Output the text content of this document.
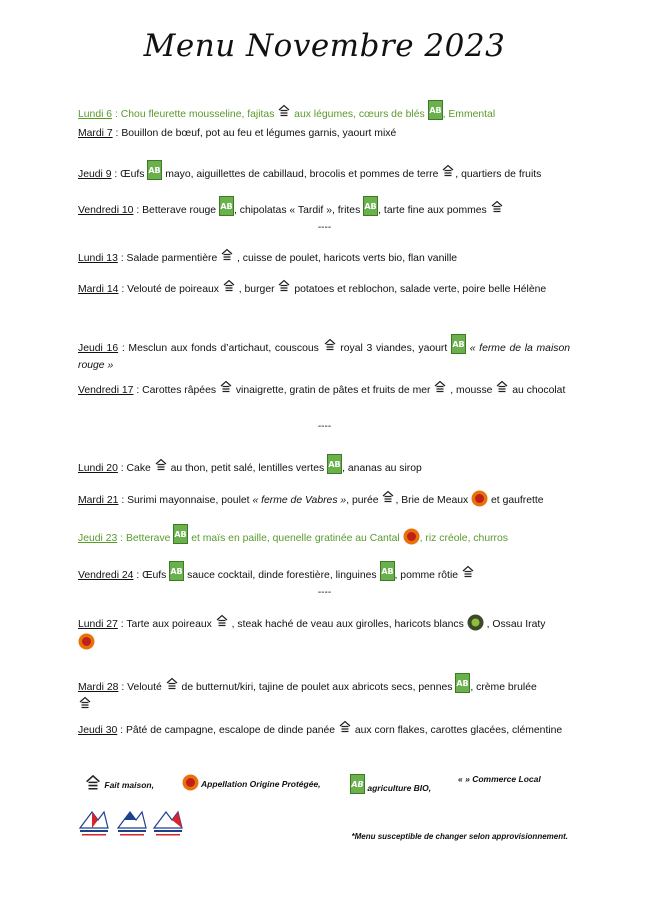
Menu Novembre 2023
Lundi 6 : Chou fleurette mousseline, fajitas  aux légumes, cœurs de blés AB , Emmental
Mardi 7 : Bouillon de bœuf, pot au feu et légumes garnis, yaourt mixé
Jeudi 9 : Œufs AB mayo, aiguillettes de cabillaud, brocolis et pommes de terre , quartiers de fruits
Vendredi 10 : Betterave rouge AB , chipolatas « Tardif », frites AB , tarte fine aux pommes
----
Lundi 13 : Salade parmentière  , cuisse de poulet, haricots verts bio, flan vanille
Mardi 14 : Velouté de poireaux  , burger  potatoes et reblochon, salade verte, poire belle Hélène
Jeudi 16 : Mesclun aux fonds d’artichaut, couscous  royal 3 viandes, yaourt AB « ferme de la maison rouge »
Vendredi 17 : Carottes râpées  vinaigrette, gratin de pâtes et fruits de mer  , mousse  au chocolat
----
Lundi 20 : Cake  au thon, petit salé, lentilles vertes AB , ananas au sirop
Mardi 21 : Surimi mayonnaise, poulet « ferme de Vabres », purée , Brie de Meaux  et gaufrette
Jeudi 23 : Betterave AB et maïs en paille, quenelle gratinée au Cantal , riz créole, churros
Vendredi 24 : Œufs AB sauce cocktail, dinde forestière, linguines AB , pomme rôtie
----
Lundi 27 : Tarte aux poireaux  , steak haché de veau aux girolles, haricots blancs  , Ossau Iraty

Mardi 28 : Velouté  de butternut/kiri, tajine de poulet aux abricots secs, pennes AB , crème brulée

Jeudi 30 : Pâté de campagne, escalope de dinde panée  aux corn flakes, carottes glacées, clémentine
Fait maison,	Appellation Origine Protégée,	AB agriculture BIO,
« » Commerce Local
*Menu susceptible de changer selon approvisionnement.
